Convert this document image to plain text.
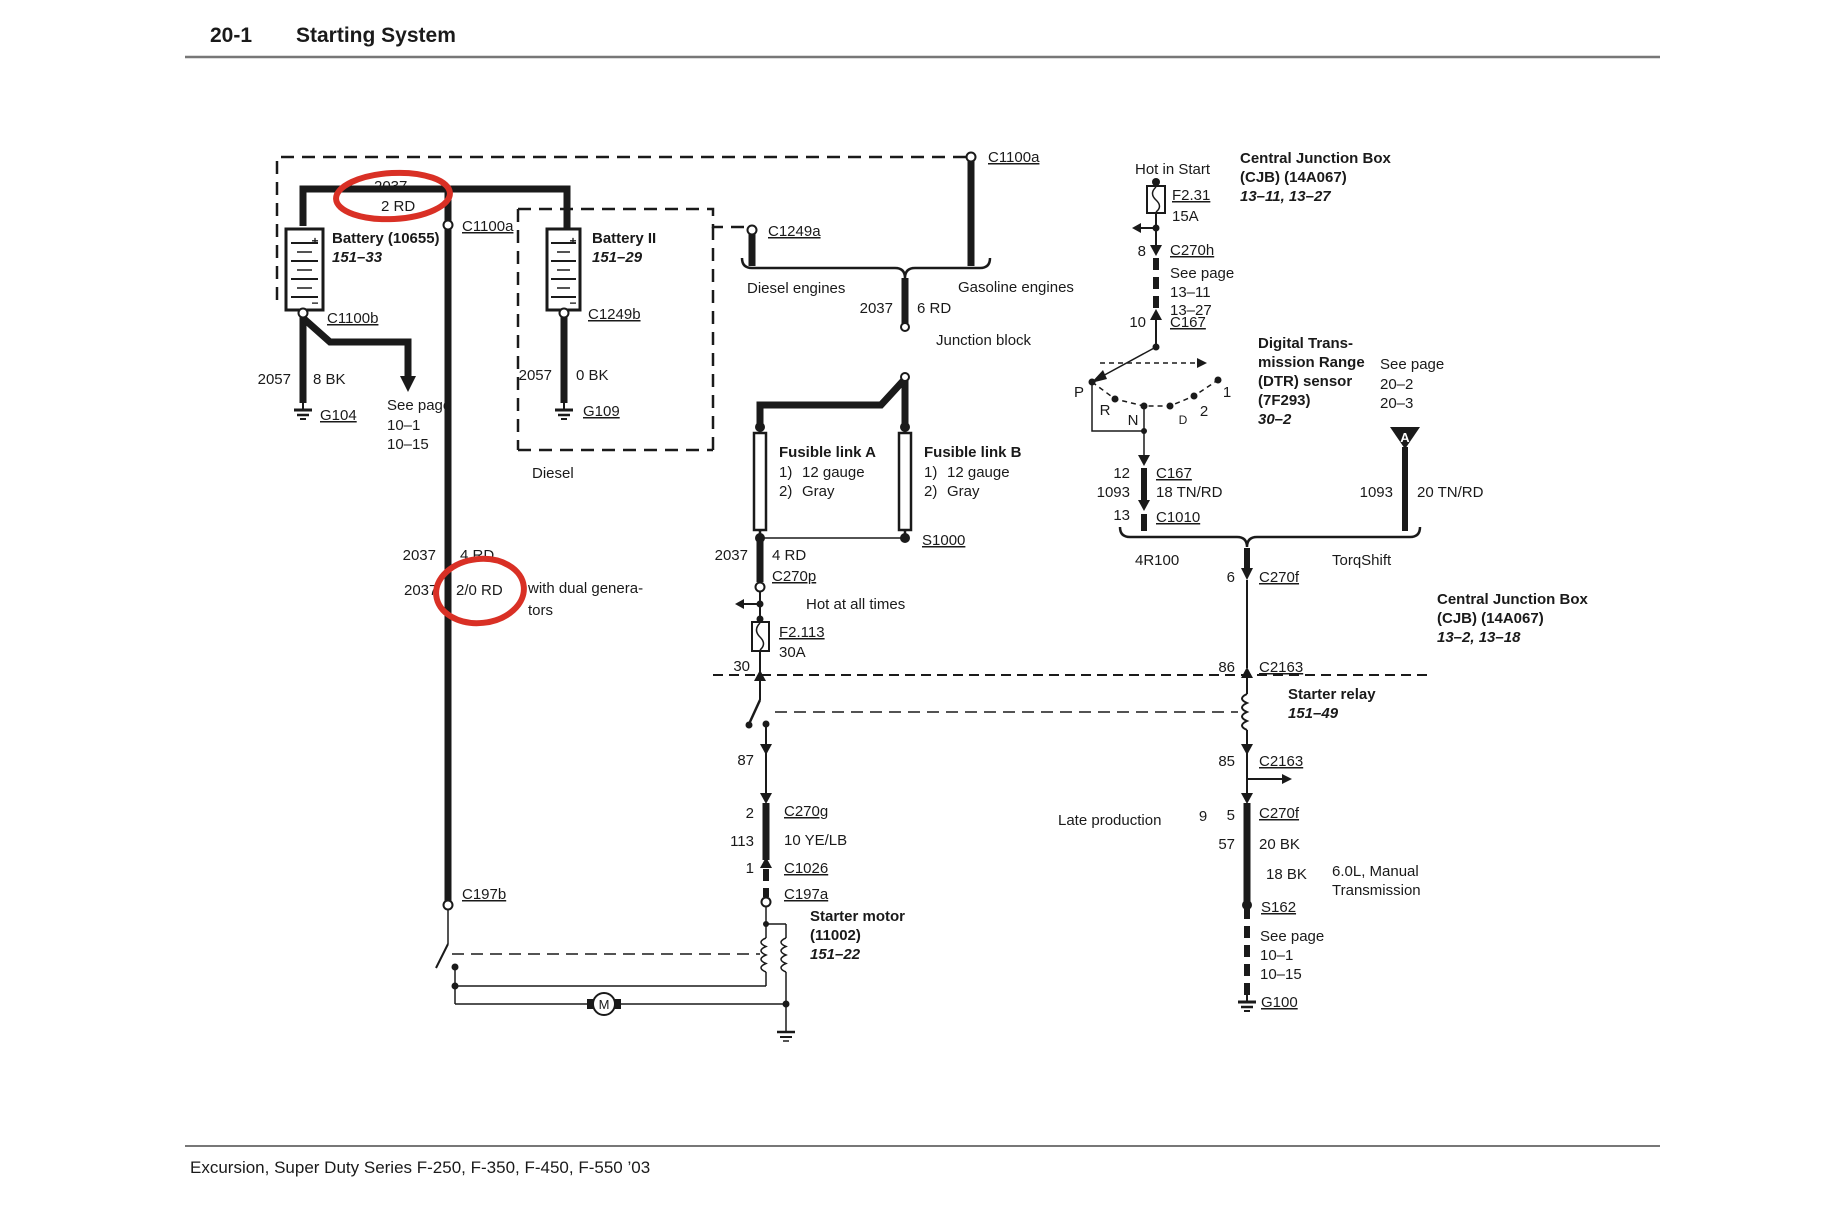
20-1 Starting System
Excursion, Super Duty Series F-250, F-350, F-450, F-550 ’03
2037
+
−
+
−
2 RD
Battery (10655)
151–33
C1100a
C1100b
2057 8 BK
G104
See page
10–1
10–15
Battery II
151–29
C1249b
2057 0 BK
G109
Diesel
C1249a
C1100a
Diesel engines	Gasoline engines
2037 6 RD
Junction block
Fusible link A
1) 12 gauge
2) Gray
Fusible link B
1) 12 gauge
2) Gray
S1000
2037 4 RD
2037 2/0 RD with dual genera-
tors
2037 4 RD
C270p
Hot at all times
F2.113
30A
30	86 C2163
Starter relay
151–49
87	85 C2163
Central Junction Box
(CJB) (14A067)
13–2, 13–18
2 C270g
113 10 YE/LB
1 C1026
C197a
C197b
Starter motor
(11002)
151–22
M
Late production 9 5 C270f
57 20 BK
18 BK 6.0L, Manual
Transmission
S162
See page
10–1
10–15
G100
Hot in Start
F2.31
15A
8 C270h
See page
13–11
13–27
10 C167
Central Junction Box
(CJB) (14A067)
13–11, 13–27
Digital Trans-
mission Range
(DTR) sensor
(7F293)
30–2
See page
20–2
20–3
A
P
R
N	D 2
1
12 C167
1093 18 TN/RD
13 C1010
1093 20 TN/RD
4R100	TorqShift
6 C270f
